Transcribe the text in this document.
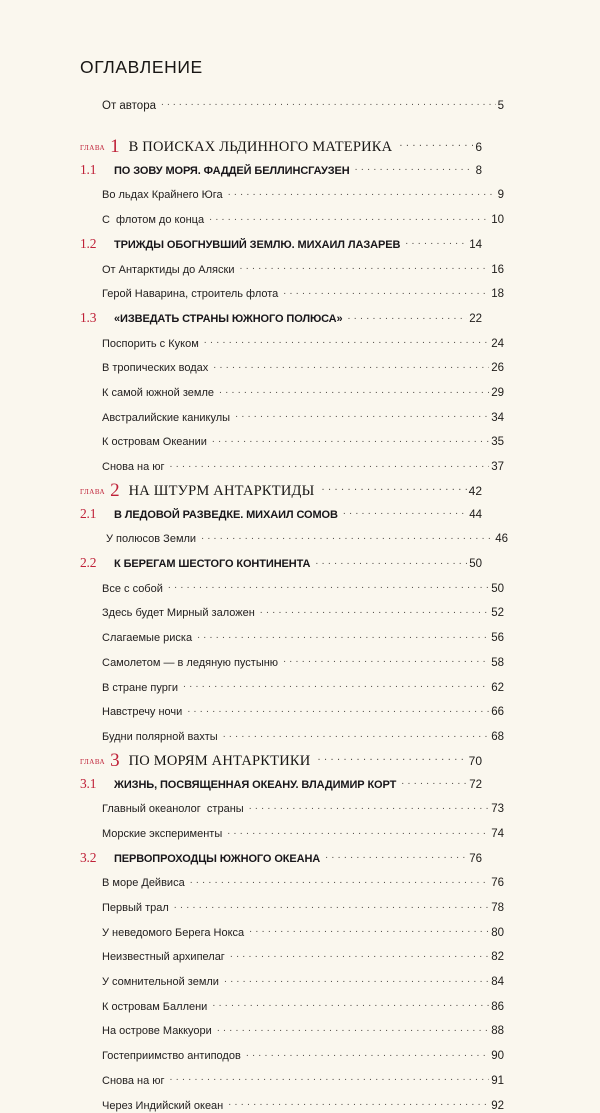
ОГЛАВЛЕНИЕ
От автора . . .	5
глава 1 В ПОИСКАХ ЛЬДИННОГО МАТЕРИКА . . .	6
1.1	ПО ЗОВУ МОРЯ. ФАДДЕЙ БЕЛЛИНСГАУЗЕН . . .	8
Во льдах Крайнего Юга . . .	9
С  флотом до конца . . .	10
1.2	ТРИЖДЫ ОБОГНУВШИЙ ЗЕМЛЮ. МИХАИЛ ЛАЗАРЕВ . . .	14
От Антарктиды до Аляски . . .	16
Герой Наварина, строитель флота . . .	18
1.3	«ИЗВЕДАТЬ СТРАНЫ ЮЖНОГО ПОЛЮСА» . . .	22
Поспорить с Куком . . .	24
В тропических водах . . .	26
К самой южной земле . . .	29
Австралийские каникулы . . .	34
К островам Океании . . .	35
Снова на юг . . .	37
глава 2 НА ШТУРМ АНТАРКТИДЫ . . .	42
2.1	В ЛЕДОВОЙ РАЗВЕДКЕ. МИХАИЛ СОМОВ . . .	44
У полюсов Земли . . .	46
2.2	К БЕРЕГАМ ШЕСТОГО КОНТИНЕНТА . . .	50
Все с собой . . .	50
Здесь будет Мирный заложен . . .	52
Слагаемые риска . . .	56
Самолетом — в ледяную пустыню . . .	58
В стране пурги . . .	62
Навстречу ночи . . .	66
Будни полярной вахты . . .	68
глава 3 ПО МОРЯМ АНТАРКТИКИ . . .	70
3.1	ЖИЗНЬ, ПОСВЯЩЕННАЯ ОКЕАНУ. ВЛАДИМИР КОРТ . . .	72
Главный океанолог  страны . . .	73
Морские эксперименты . . .	74
3.2	ПЕРВОПРОХОДЦЫ ЮЖНОГО ОКЕАНА . . .	76
В море Дейвиса . . .	76
Первый трал . . .	78
У неведомого Берега Нокса . . .	80
Неизвестный архипелаг . . .	82
У сомнительной земли . . .	84
К островам Баллени . . .	86
На острове Маккуори . . .	88
Гостеприимство антиподов . . .	90
Снова на юг . . .	91
Через Индийский океан . . .	92
